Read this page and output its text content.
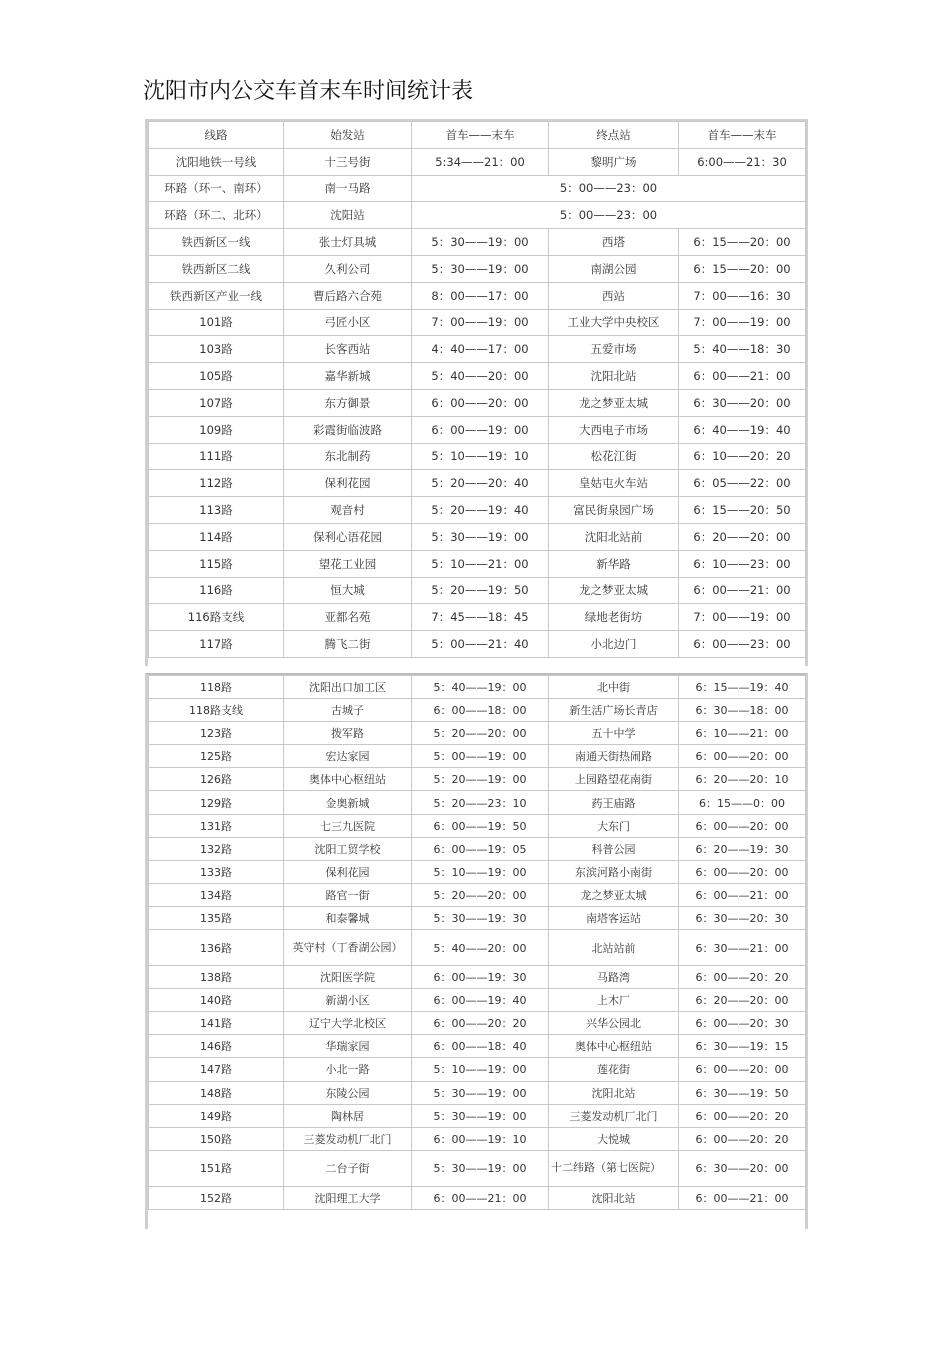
沈阳市内公交车首末车时间统计表
线路	始发站	首车——末车	终点站	首车——末车
沈阳地铁一号线	十三号街	5:34——21：00	黎明广场	6:00——21：30
环路（环一、南环）	南一马路	5：00——23：00		
环路（环二、北环）	沈阳站	5：00——23：00		
铁西新区一线	张士灯具城	5：30——19：00	西塔	6：15——20：00
铁西新区二线	久利公司	5：30——19：00	南湖公园	6：15——20：00
铁西新区产业一线	曹后路六合苑	8：00——17：00	西站	7：00——16：30
101路	弓匠小区	7：00——19：00	工业大学中央校区	7：00——19：00
103路	长客西站	4：40——17：00	五爱市场	5：40——18：30
105路	嘉华新城	5：40——20：00	沈阳北站	6：00——21：00
107路	东方御景	6：00——20：00	龙之梦亚太城	6：30——20：00
109路	彩霞街临波路	6：00——19：00	大西电子市场	6：40——19：40
111路	东北制药	5：10——19：10	松花江街	6：10——20：20
112路	保利花园	5：20——20：40	皇姑屯火车站	6：05——22：00
113路	观音村	5：20——19：40	富民街泉园广场	6：15——20：50
114路	保利心语花园	5：30——19：00	沈阳北站前	6：20——20：00
115路	望花工业园	5：10——21：00	新华路	6：10——23：00
116路	恒大城	5：20——19：50	龙之梦亚太城	6：00——21：00
116路支线	亚都名苑	7：45——18：45	绿地老街坊	7：00——19：00
117路	腾飞二街	5：00——21：40	小北边门	6：00——23：00
118路	沈阳出口加工区	5：40——19：00	北中街	6：15——19：40
118路支线	古城子	6：00——18：00	新生活广场长青店	6：30——18：00
123路	拨军路	5：20——20：00	五十中学	6：10——21：00
125路	宏达家园	5：00——19：00	南通天街热闹路	6：00——20：00
126路	奥体中心枢纽站	5：20——19：00	上园路望花南街	6：20——20：10
129路	金奥新城	5：20——23：10	药王庙路	6：15——0：00
131路	七三九医院	6：00——19：50	大东门	6：00——20：00
132路	沈阳工贸学校	6：00——19：05	科普公园	6：20——19：30
133路	保利花园	5：10——19：00	东滨河路小南街	6：00——20：00
134路	路官一街	5：20——20：00	龙之梦亚太城	6：00——21：00
135路	和泰馨城	5：30——19：30	南塔客运站	6：30——20：30
136路	英守村（丁香湖公园）	5：40——20：00	北站站前	6：30——21：00
138路	沈阳医学院	6：00——19：30	马路湾	6：00——20：20
140路	新湖小区	6：00——19：40	上木厂	6：20——20：00
141路	辽宁大学北校区	6：00——20：20	兴华公园北	6：00——20：30
146路	华瑞家园	6：00——18：40	奥体中心枢纽站	6：30——19：15
147路	小北一路	5：10——19：00	莲花街	6：00——20：00
148路	东陵公园	5：30——19：00	沈阳北站	6：30——19：50
149路	陶林居	5：30——19：00	三菱发动机厂北门	6：00——20：20
150路	三菱发动机厂北门	6：00——19：10	大悦城	6：00——20：20
151路	二台子街	5：30——19：00	十二纬路（第七医院）	6：30——20：00
152路	沈阳理工大学	6：00——21：00	沈阳北站	6：00——21：00
